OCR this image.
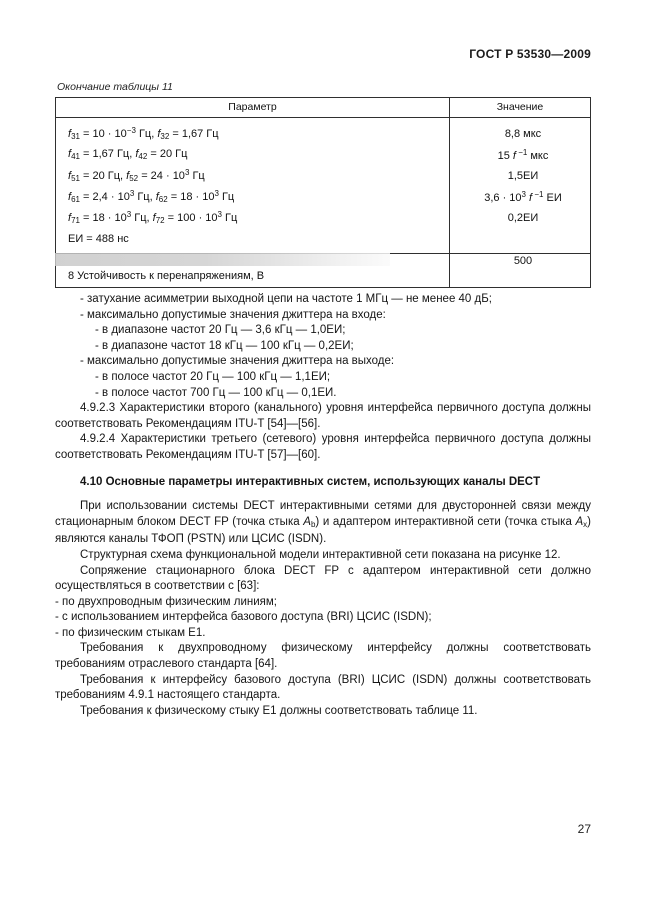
ГОСТ Р 53530—2009
Окончание таблицы 11
Параметр	Значение
$f_{31} = 10 \cdot 10^{-3}$ Гц, $f_{32} = 1,67$ Гц	8,8 мкс
$f_{41} = 1,67$ Гц, $f_{42} = 20$ Гц	15 f $^{-1}$ мкс
$f_{51} = 20$ Гц, $f_{52} = 24 \cdot 10^3$ Гц	1,5ЕИ
$f_{61} = 2,4 \cdot 10^3$ Гц, $f_{62} = 18 \cdot 10^3$ Гц	$3,6 \cdot 10^3$ f $^{-1}$ ЕИ
$f_{71} = 18 \cdot 10^3$ Гц, $f_{72} = 100 \cdot 10^3$ Гц	0,2ЕИ
ЕИ = 488 нс	
8 Устойчивость к перенапряжениям, В	500
- затухание асимметрии выходной цепи на частоте 1 МГц — не менее 40 дБ;
- максимально допустимые значения джиттера на входе:
- в диапазоне частот 20 Гц — 3,6 кГц — 1,0ЕИ;
- в диапазоне частот 18 кГц — 100 кГц — 0,2ЕИ;
- максимально допустимые значения джиттера на выходе:
- в полосе частот 20 Гц — 100 кГц — 1,1ЕИ;
- в полосе частот 700 Гц — 100 кГц — 0,1ЕИ.
4.9.2.3 Характеристики второго (канального) уровня интерфейса первичного доступа должны соответствовать Рекомендациям ITU-T [54]—[56].
4.9.2.4 Характеристики третьего (сетевого) уровня интерфейса первичного доступа должны соответствовать Рекомендациям ITU-T [57]—[60].
4.10 Основные параметры интерактивных систем, использующих каналы DECT
При использовании системы DECT интерактивными сетями для двусторонней связи между стационарным блоком DECT FP (точка стыка $A_b$) и адаптером интерактивной сети (точка стыка $A_x$) являются каналы ТФОП (PSTN) или ЦСИС (ISDN).
Структурная схема функциональной модели интерактивной сети показана на рисунке 12.
Сопряжение стационарного блока DECT FP с адаптером интерактивной сети должно осуществляться в соответствии с [63]:
- по двухпроводным физическим линиям;
- с использованием интерфейса базового доступа (BRI) ЦСИС (ISDN);
- по физическим стыкам Е1.
Требования к двухпроводному физическому интерфейсу должны соответствовать требованиям отраслевого стандарта [64].
Требования к интерфейсу базового доступа (BRI) ЦСИС (ISDN) должны соответствовать требованиям 4.9.1 настоящего стандарта.
Требования к физическому стыку Е1 должны соответствовать таблице 11.
27
